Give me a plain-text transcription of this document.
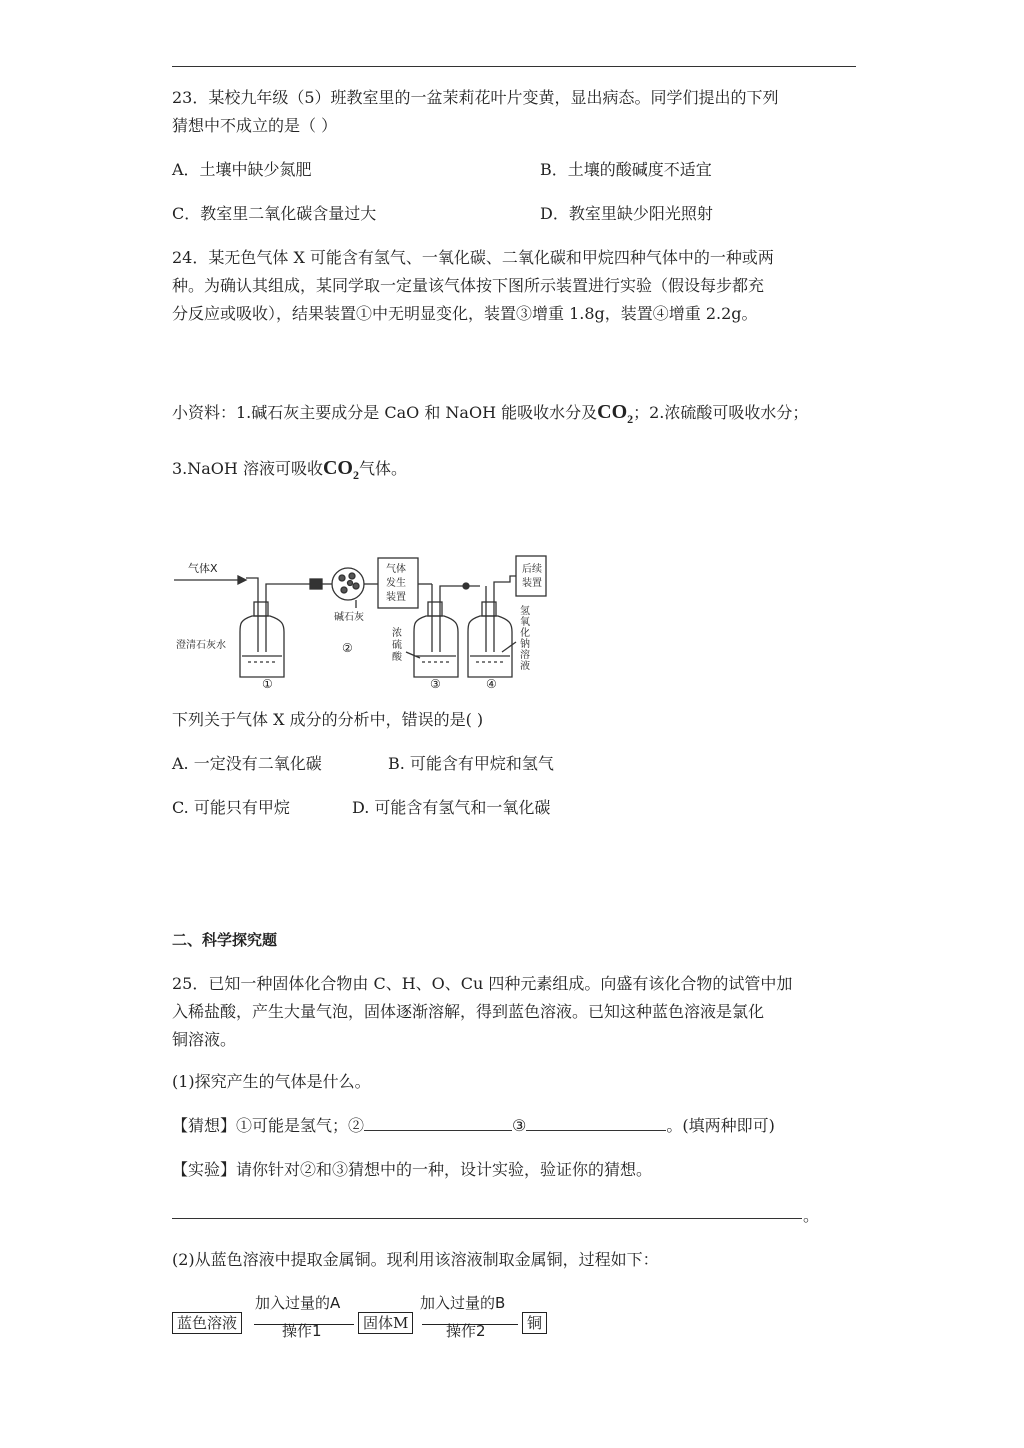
23．某校九年级（5）班教室里的一盆茉莉花叶片变黄，显出病态。同学们提出的下列
猜想中不成立的是（ ）
A．土壤中缺少氮肥	B．土壤的酸碱度不适宜
C．教室里二氧化碳含量过大	D．教室里缺少阳光照射
24．某无色气体 X 可能含有氢气、一氧化碳、二氧化碳和甲烷四种气体中的一种或两
种。为确认其组成，某同学取一定量该气体按下图所示装置进行实验（假设每步都充
分反应或吸收），结果装置①中无明显变化，装置③增重 1.8g，装置④增重 2.2g。
小资料：1.碱石灰主要成分是 CaO 和 NaOH 能吸收水分及$CO_2$；2.浓硫酸可吸收水分；
3.NaOH 溶液可吸收$CO_2$气体。
气体X
澄清石灰水
碱石灰
气体
发生
装置
后续
装置
浓
硫
酸
氢
氧
化
钠
溶
液
①
②
③	④
下列关于气体 X 成分的分析中，错误的是( )
A. 一定没有二氧化碳	B. 可能含有甲烷和氢气
C. 可能只有甲烷	D. 可能含有氢气和一氧化碳
二、科学探究题
25．已知一种固体化合物由 C、H、O、Cu 四种元素组成。向盛有该化合物的试管中加
入稀盐酸，产生大量气泡，固体逐渐溶解，得到蓝色溶液。已知这种蓝色溶液是氯化
铜溶液。
(1)探究产生的气体是什么。
【猜想】①可能是氢气；②	③	。(填两种即可)
【实验】请你针对②和③猜想中的一种，设计实验，验证你的猜想。
。
(2)从蓝色溶液中提取金属铜。现利用该溶液制取金属铜，过程如下：
加入过量的A	加入过量的B
蓝色溶液	固体M	铜
操作1	操作2
